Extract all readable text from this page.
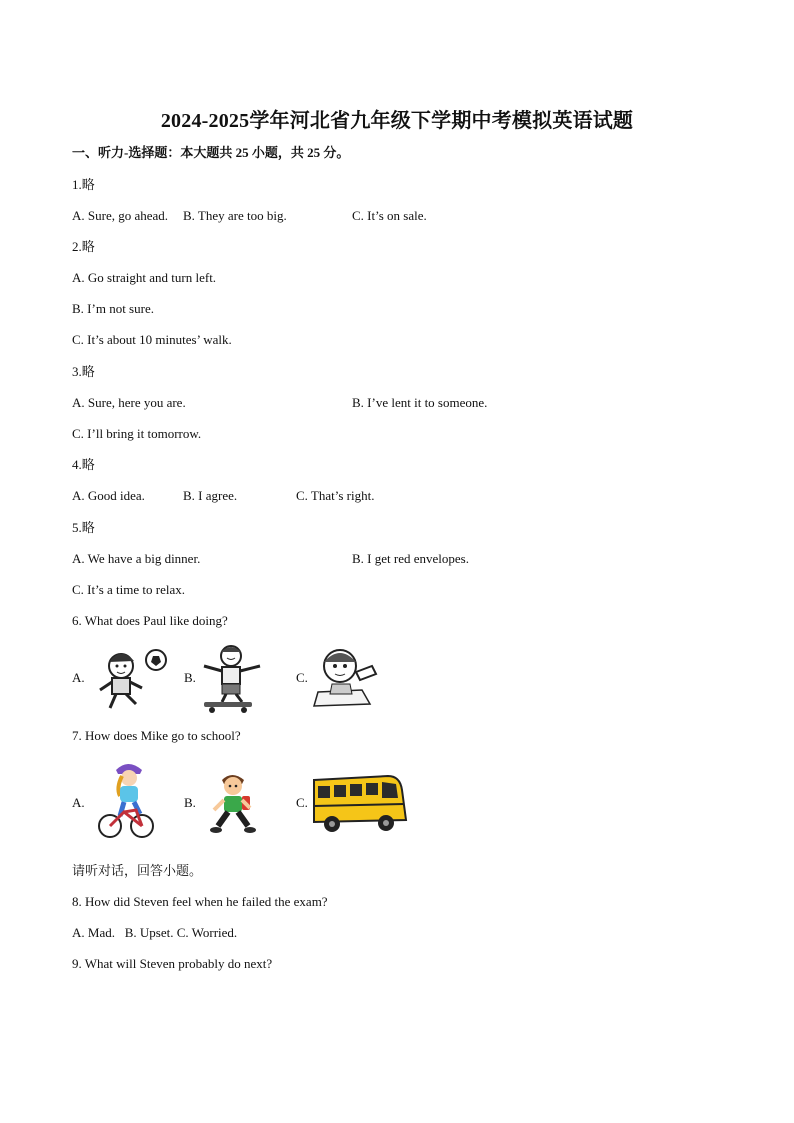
2024-2025学年河北省九年级下学期中考模拟英语试题
一、听力-选择题：本大题共 25 小题，共 25 分。
1.略
A. Sure, go ahead. B. They are too big.	C. It’s on sale.
2.略
A. Go straight and turn left.
B. I’m not sure.
C. It’s about 10 minutes’ walk.
3.略
A. Sure, here you are.	B. I’ve lent it to someone.
C. I’ll bring it tomorrow.
4.略
A. Good idea.	B. I agree.	C. That’s right.
5.略
A. We have a big dinner.	B. I get red envelopes.
C. It’s a time to relax.
6. What does Paul like doing?
A.	B.	C.
7. How does Mike go to school?
A.	B.	C.
请听对话，回答小题。
8. How did Steven feel when he failed the exam?
A. Mad.   B. Upset. C. Worried.
9. What will Steven probably do next?
